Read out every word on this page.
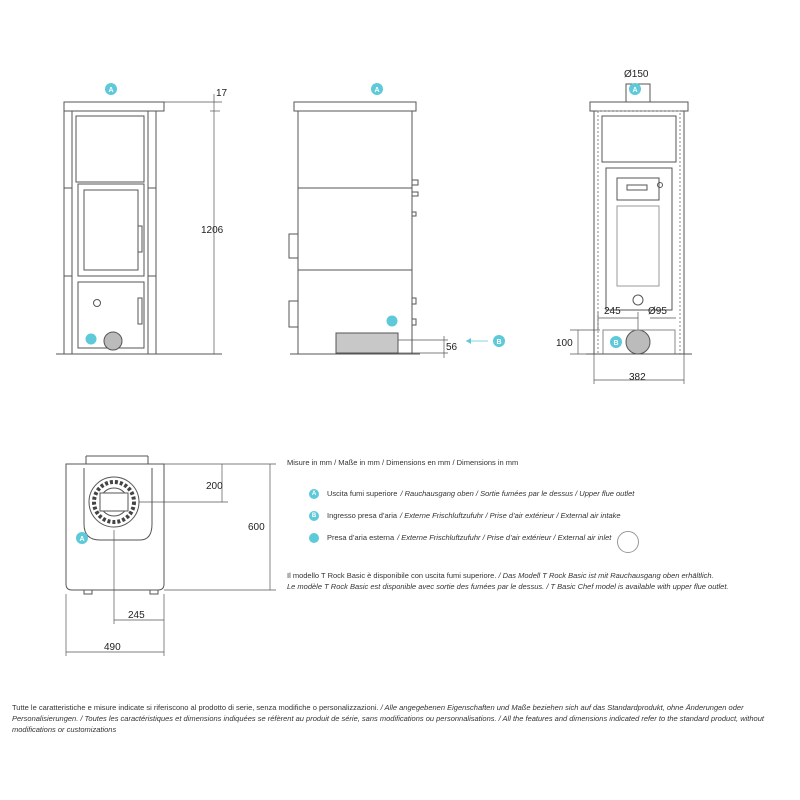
17
1206
A
56
A
B
Ø150
245	Ø95
100
382
A
B
200
600
245
490
A
Misure in mm / Maße in mm / Dimensions en mm / Dimensions in mm
A	Uscita fumi superiore / Rauchausgang oben / Sortie fumées par le dessus / Upper flue outlet
B	Ingresso presa d’aria / Externe Frischluftzufuhr / Prise d’air extérieur / External air intake
Presa d’aria esterna / Externe Frischluftzufuhr / Prise d’air extérieur / External air inlet
Il modello T Rock Basic è disponibile con uscita fumi superiore. / Das Modell T Rock Basic ist mit Rauchausgang oben erhältlich.
Le modèle T Rock Basic est disponible avec sortie des fumées par le dessus. / T Basic Chef model is available with upper flue outlet.
Tutte le caratteristiche e misure indicate si riferiscono al prodotto di serie, senza modifiche o personalizzazioni. / Alle angegebenen Eigenschaften und Maße beziehen sich auf das Standardprodukt, ohne Änderungen oder Personalisierungen. / Toutes les caractéristiques et dimensions indiquées se réfèrent au produit de série, sans modifications ou personnalisations. / All the features and dimensions indicated refer to the standard product, without modifications or customizations
